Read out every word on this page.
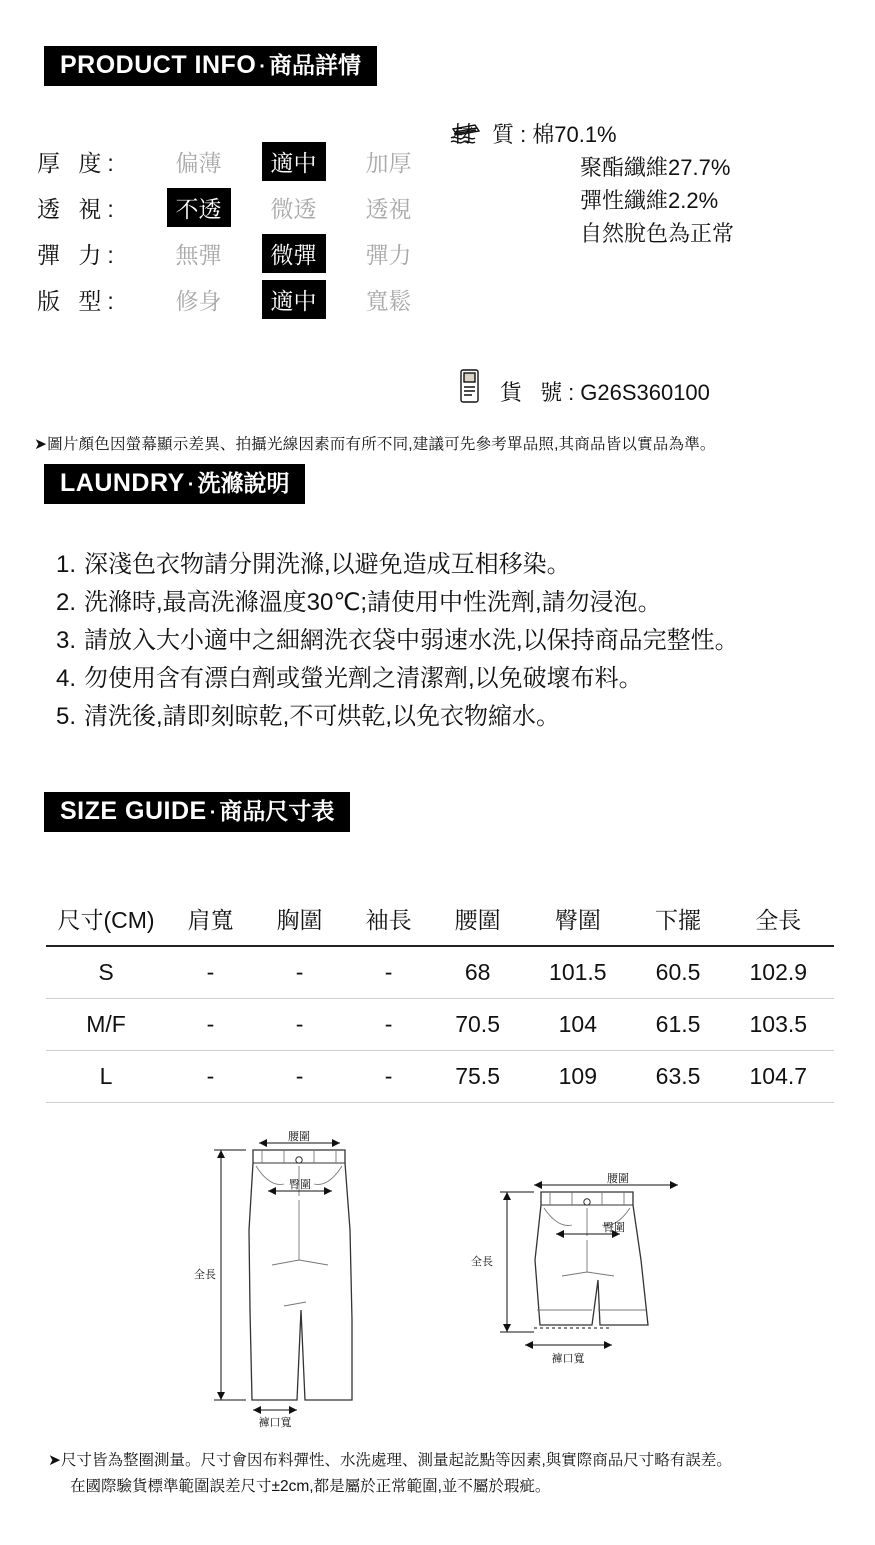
PRODUCT INFO · 商品詳情
厚 度:	偏薄	適中	加厚
透 視:	不透	微透	透視
彈 力:	無彈	微彈	彈力
版 型:	修身	適中	寬鬆
材 質:棉70.1%
聚酯纖維27.7%
彈性纖維2.2%
自然脫色為正常
貨 號:G26S360100
➤圖片顏色因螢幕顯示差異、拍攝光線因素而有所不同,建議可先參考單品照,其商品皆以實品為準。
LAUNDRY · 洗滌說明
1. 深淺色衣物請分開洗滌,以避免造成互相移染。
2. 洗滌時,最高洗滌溫度30℃;請使用中性洗劑,請勿浸泡。
3. 請放入大小適中之細網洗衣袋中弱速水洗,以保持商品完整性。
4. 勿使用含有漂白劑或螢光劑之清潔劑,以免破壞布料。
5. 清洗後,請即刻晾乾,不可烘乾,以免衣物縮水。
SIZE GUIDE · 商品尺寸表
尺寸(CM)	肩寬	胸圍	袖長	腰圍	臀圍	下擺	全長
S	-	-	-	68	101.5	60.5	102.9
M/F	-	-	-	70.5	104	61.5	103.5
L	-	-	-	75.5	109	63.5	104.7
腰圍
臀圍
全長
褲口寬
腰圍
臀圍
全長
褲口寬
➤尺寸皆為整圈測量。尺寸會因布料彈性、水洗處理、測量起訖點等因素,與實際商品尺寸略有誤差。
在國際驗貨標準範圍誤差尺寸±2cm,都是屬於正常範圍,並不屬於瑕疵。
